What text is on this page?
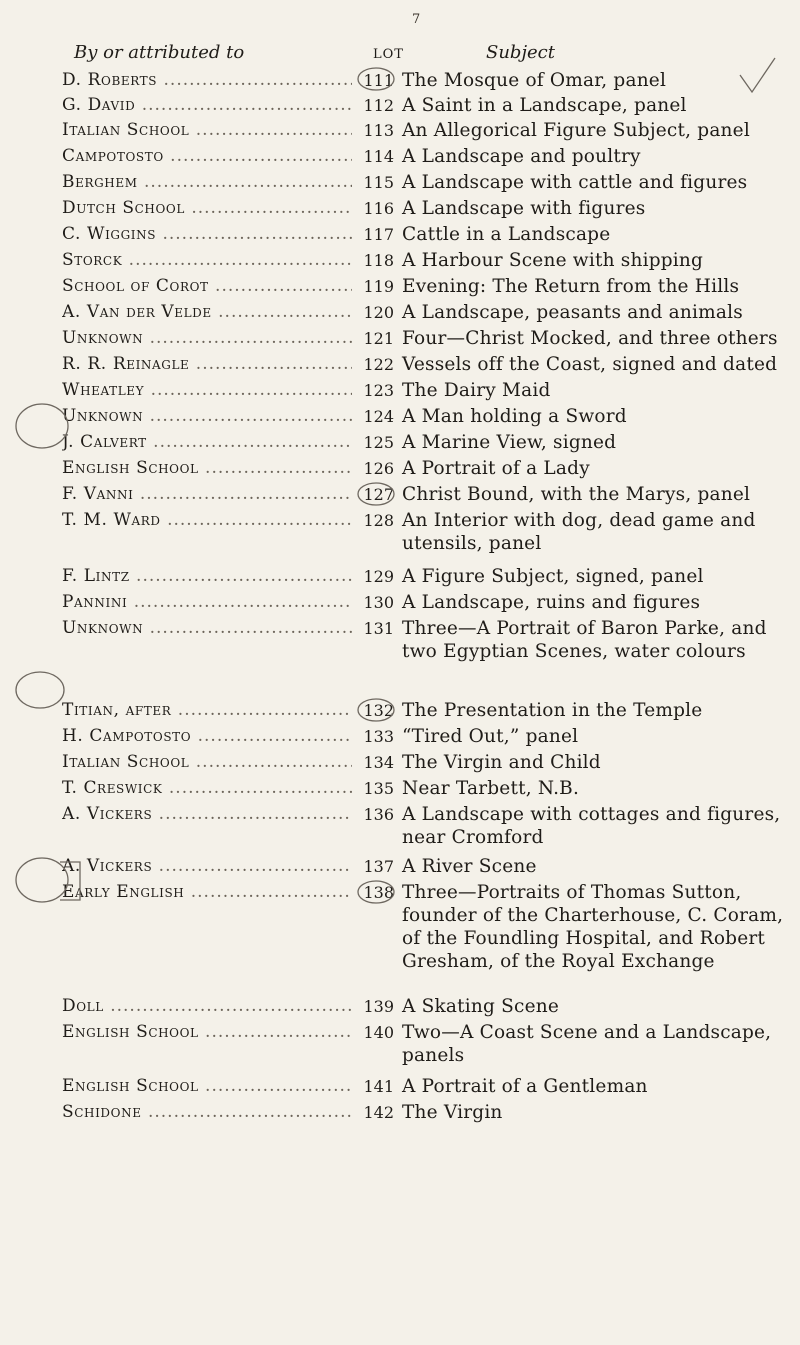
7
By or attributed to	LOT	Subject
D. Roberts .....	111 The Mosque of Omar, panel
G. David .....	112 A Saint in a Landscape, panel
Italian School .....	113 An Allegorical Figure Subject, panel
Campotosto .....	114 A Landscape and poultry
Berghem .....	115 A Landscape with cattle and figures
Dutch School .....	116 A Landscape with figures
C. Wiggins .....	117 Cattle in a Landscape
Storck .....	118 A Harbour Scene with shipping
School of Corot .....	119 Evening: The Return from the Hills
A. Van der Velde .....	120 A Landscape, peasants and animals
Unknown .....	121 Four—Christ Mocked, and three others
R. R. Reinagle .....	122 Vessels off the Coast, signed and dated
Wheatley .....	123 The Dairy Maid
Unknown .....	124 A Man holding a Sword
J. Calvert .....	125 A Marine View, signed
English School .....	126 A Portrait of a Lady
F. Vanni .....	127 Christ Bound, with the Marys, panel
T. M. Ward .....	128 An Interior with dog, dead game and utensils, panel
F. Lintz .....	129 A Figure Subject, signed, panel
Pannini .....	130 A Landscape, ruins and figures
Unknown .....	131 Three—A Portrait of Baron Parke, and two Egyptian Scenes, water colours
Titian, after .....	132 The Presentation in the Temple
H. Campotosto .....	133 “Tired Out,” panel
Italian School .....	134 The Virgin and Child
T. Creswick .....	135 Near Tarbett, N.B.
A. Vickers .....	136 A Landscape with cottages and figures, near Cromford
A. Vickers .....	137 A River Scene
Early English .....	138 Three—Portraits of Thomas Sutton, founder of the Charterhouse, C. Coram, of the Foundling Hospital, and Robert Gresham, of the Royal Exchange
Doll .....	139 A Skating Scene
English School .....	140 Two—A Coast Scene and a Landscape, panels
English School .....	141 A Portrait of a Gentleman
Schidone .....	142 The Virgin
